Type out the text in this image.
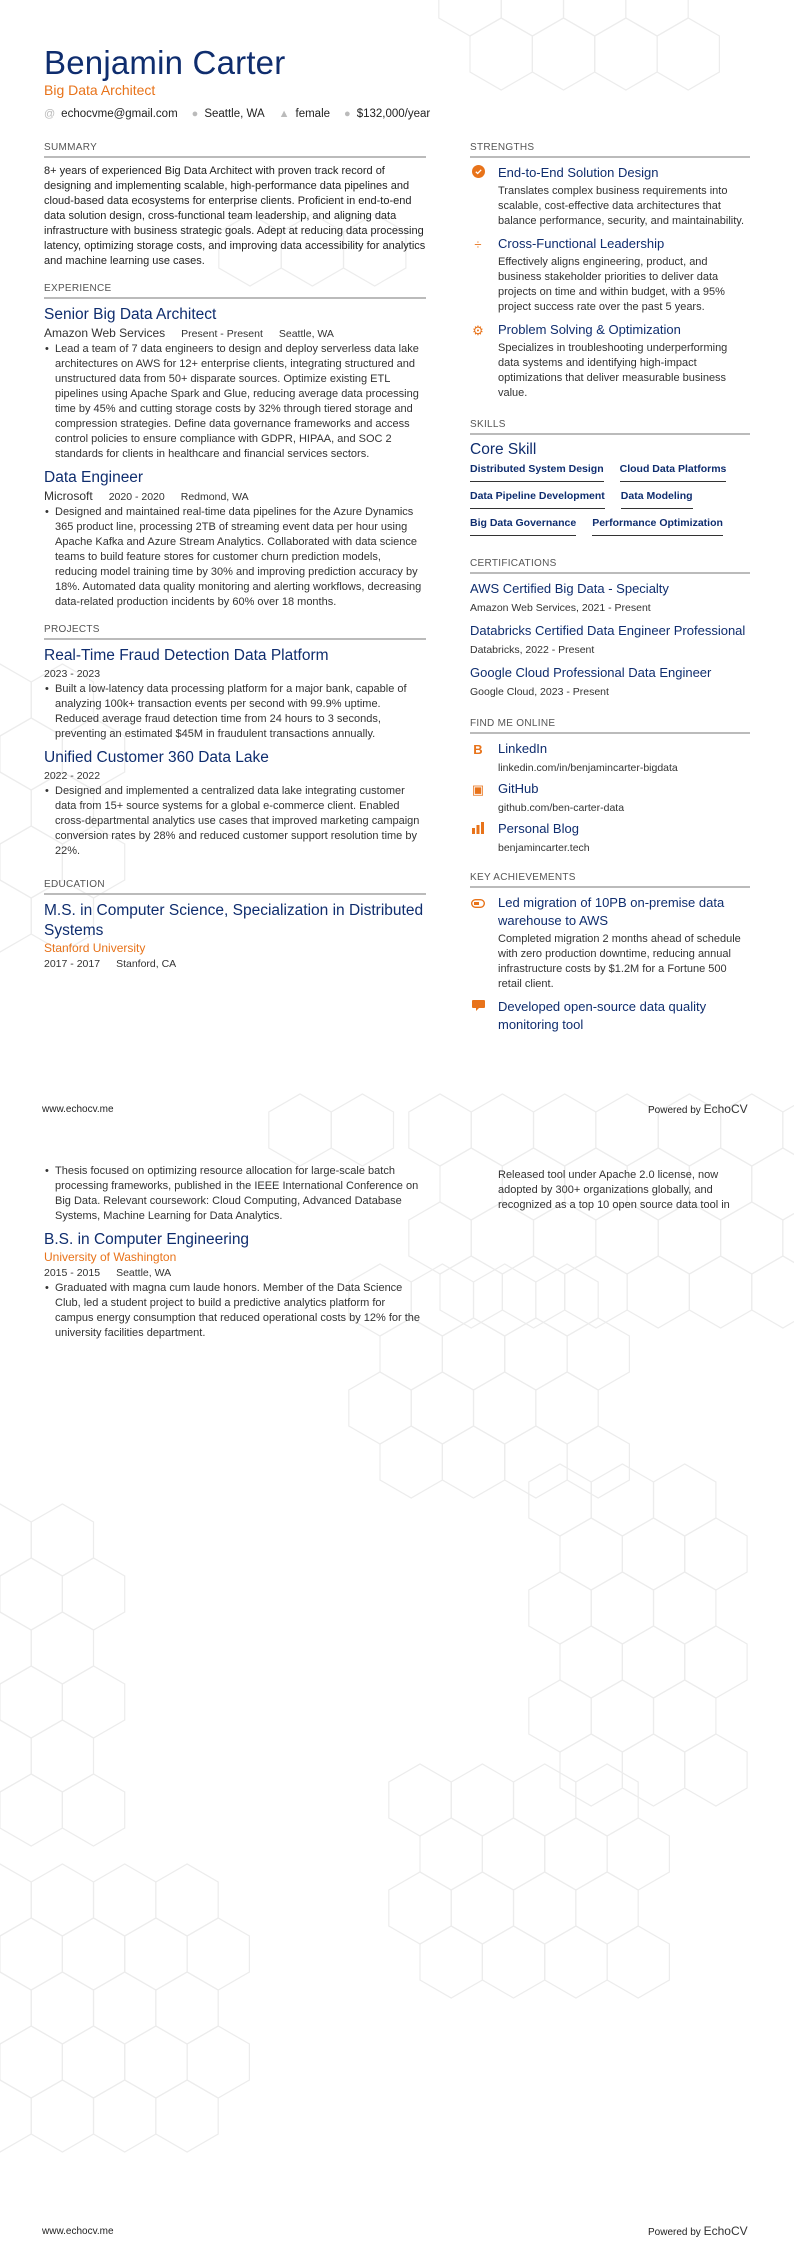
Benjamin Carter
Big Data Architect
@ echocvme@gmail.com ● Seattle, WA ▲ female ● $132,000/year
SUMMARY

8+ years of experienced Big Data Architect with proven track record of designing and implementing scalable, high-performance data pipelines and cloud-based data ecosystems for enterprise clients. Proficient in end-to-end data solution design, cross-functional team leadership, and aligning data infrastructure with business strategic goals. Adept at reducing data processing latency, optimizing storage costs, and improving data accessibility for analytics and machine learning use cases.

EXPERIENCE
Senior Big Data Architect
Amazon Web Services Present - Present Seattle, WA
• Lead a team of 7 data engineers to design and deploy serverless data lake architectures on AWS for 12+ enterprise clients, integrating structured and unstructured data from 50+ disparate sources. Optimize existing ETL pipelines using Apache Spark and Glue, reducing average data processing time by 45% and cutting storage costs by 32% through tiered storage and compression strategies. Define data governance frameworks and access control policies to ensure compliance with GDPR, HIPAA, and SOC 2 standards for clients in healthcare and financial services sectors.
Data Engineer
Microsoft 2020 - 2020 Redmond, WA
• Designed and maintained real-time data pipelines for the Azure Dynamics 365 product line, processing 2TB of streaming event data per hour using Apache Kafka and Azure Stream Analytics. Collaborated with data science teams to build feature stores for customer churn prediction models, reducing model training time by 30% and improving prediction accuracy by 18%. Automated data quality monitoring and alerting workflows, decreasing data-related production incidents by 60% over 18 months.
PROJECTS
Real-Time Fraud Detection Data Platform
2023 - 2023
• Built a low-latency data processing platform for a major bank, capable of analyzing 100k+ transaction events per second with 99.9% uptime. Reduced average fraud detection time from 24 hours to 3 seconds, preventing an estimated $45M in fraudulent transactions annually.
Unified Customer 360 Data Lake
2022 - 2022
• Designed and implemented a centralized data lake integrating customer data from 15+ source systems for a global e-commerce client. Enabled cross-departmental analytics use cases that improved marketing campaign conversion rates by 28% and reduced customer support resolution time by 22%.
EDUCATION
M.S. in Computer Science, Specialization in Distributed Systems
Stanford University
2017 - 2017 Stanford, CA
STRENGTHS
End-to-End Solution Design
Translates complex business requirements into scalable, cost-effective data architectures that balance performance, security, and maintainability.
÷	Cross-Functional Leadership
Effectively aligns engineering, product, and business stakeholder priorities to deliver data projects on time and within budget, with a 95% project success rate over the past 5 years.
⚙ Problem Solving & Optimization
Specializes in troubleshooting underperforming data systems and identifying high-impact optimizations that deliver measurable business value.
SKILLS
Core Skill
Distributed System Design Cloud Data Platforms
Data Pipeline Development Data Modeling
Big Data Governance Performance Optimization
CERTIFICATIONS
AWS Certified Big Data - Specialty
Amazon Web Services, 2021 - Present
Databricks Certified Data Engineer Professional
Databricks, 2022 - Present
Google Cloud Professional Data Engineer
Google Cloud, 2023 - Present
FIND ME ONLINE
B LinkedIn
linkedin.com/in/benjamincarter-bigdata
▣ GitHub
github.com/ben-carter-data
Personal Blog
benjamincarter.tech
KEY ACHIEVEMENTS
Led migration of 10PB on-premise data warehouse to AWS
Completed migration 2 months ahead of schedule with zero production downtime, reducing annual infrastructure costs by $1.2M for a Fortune 500 retail client.
Developed open-source data quality monitoring tool
www.echocv.me	Powered by EchoCV
• Thesis focused on optimizing resource allocation for large-scale batch processing frameworks, published in the IEEE International Conference on Big Data. Relevant coursework: Cloud Computing, Advanced Database Systems, Machine Learning for Data Analytics.
B.S. in Computer Engineering
University of Washington
2015 - 2015 Seattle, WA
• Graduated with magna cum laude honors. Member of the Data Science Club, led a student project to build a predictive analytics platform for campus energy consumption that reduced operational costs by 12% for the university facilities department.
Released tool under Apache 2.0 license, now adopted by 300+ organizations globally, and recognized as a top 10 open source data tool in
www.echocv.me	Powered by EchoCV
